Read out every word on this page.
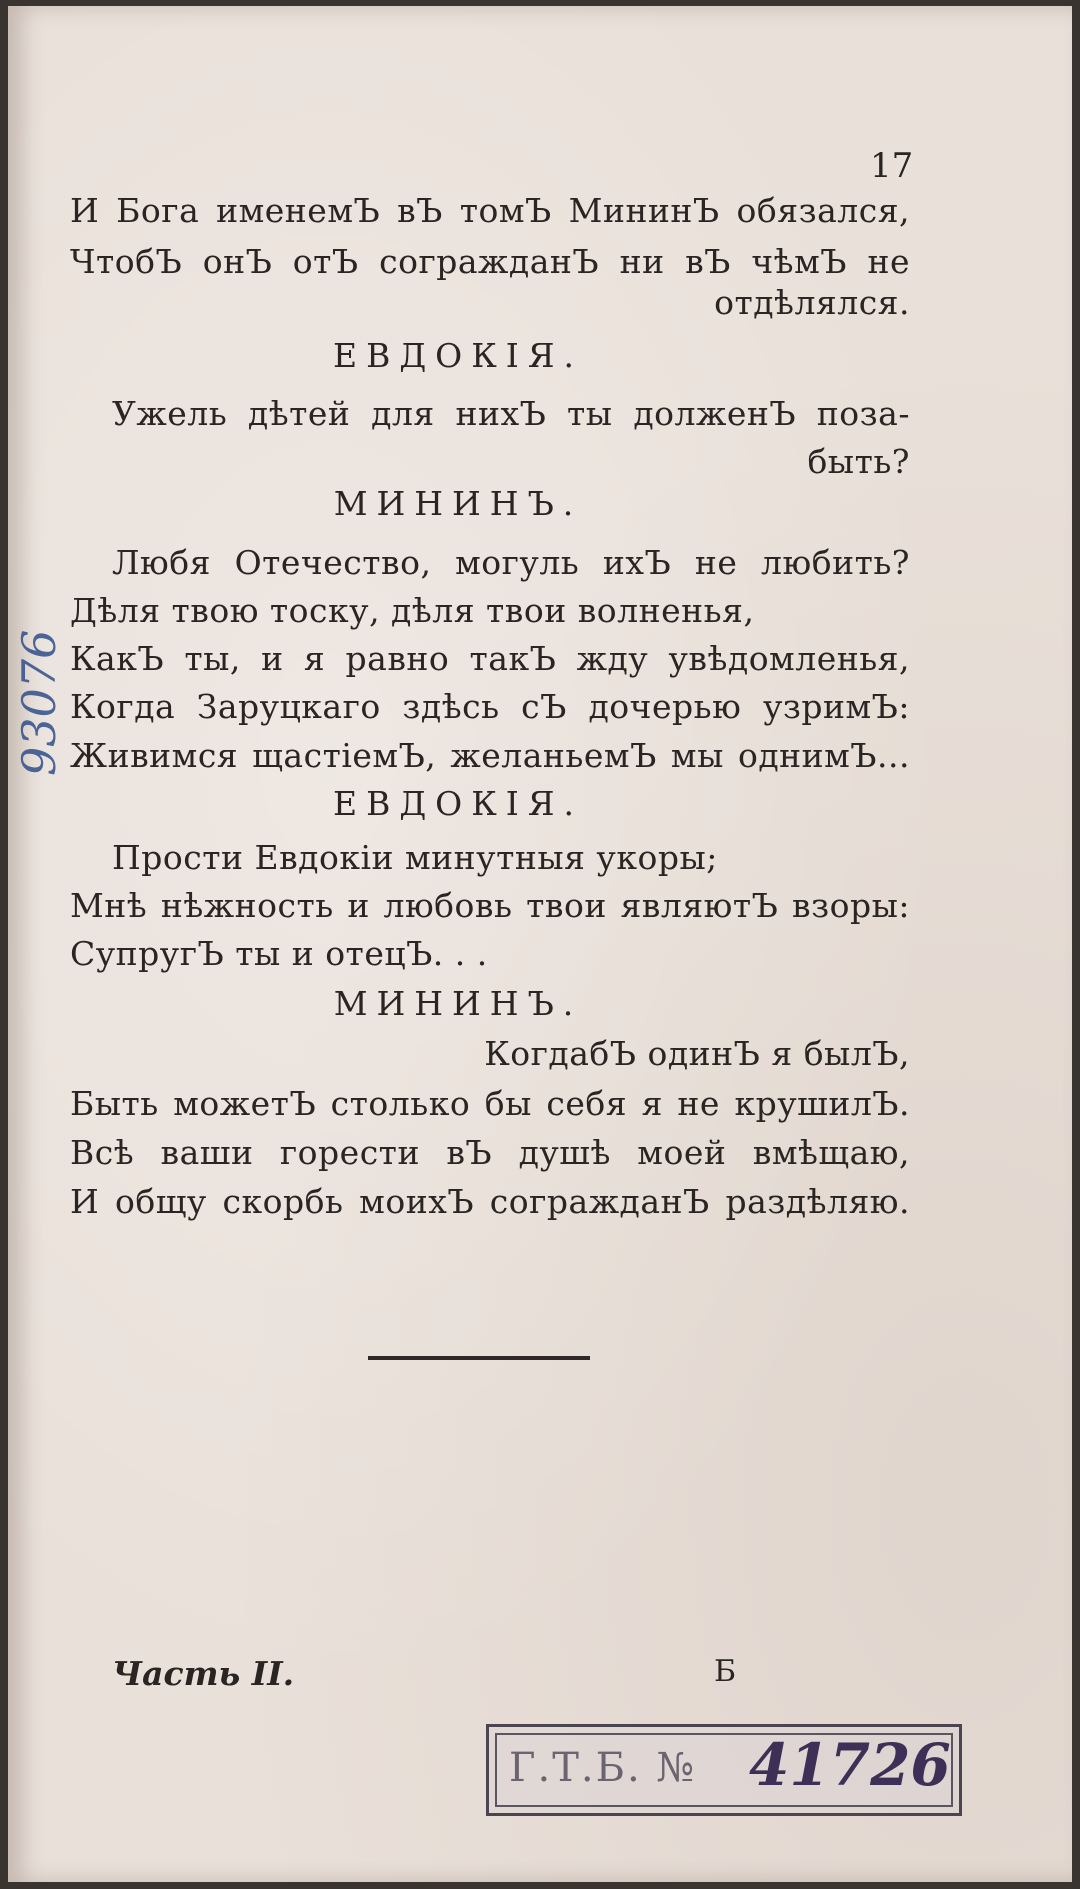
17
И Бога именемЪ вЪ томЪ МининЪ обязался,
ЧтобЪ онЪ отЪ согражданЪ ни вЪ чѣмЪ не
отдѣлялся.
ЕВДОКІЯ.
Ужель дѣтей для нихЪ ты долженЪ поза-
быть?
МИНИНЪ.
Любя Отечество, могуль ихЪ не любить?
Дѣля твою тоску, дѣля твои волненья,
КакЪ ты, и я равно такЪ жду увѣдомленья,
Когда Заруцкаго здѣсь сЪ дочерью узримЪ:
Живимся щастіемЪ, желаньемЪ мы однимЪ...
ЕВДОКІЯ.
Прости Евдокіи минутныя укоры;
Мнѣ нѣжность и любовь твои являютЪ взоры:
СупругЪ ты и отецЪ. . .
МИНИНЪ.
КогдабЪ одинЪ я былЪ,
Быть можетЪ столько бы себя я не крушилЪ.
Всѣ ваши горести вЪ душѣ моей вмѣщаю,
И общу скорбь моихЪ согражданЪ раздѣляю.
Часть II.	Б
Г.Т.Б. № 41726
93076
